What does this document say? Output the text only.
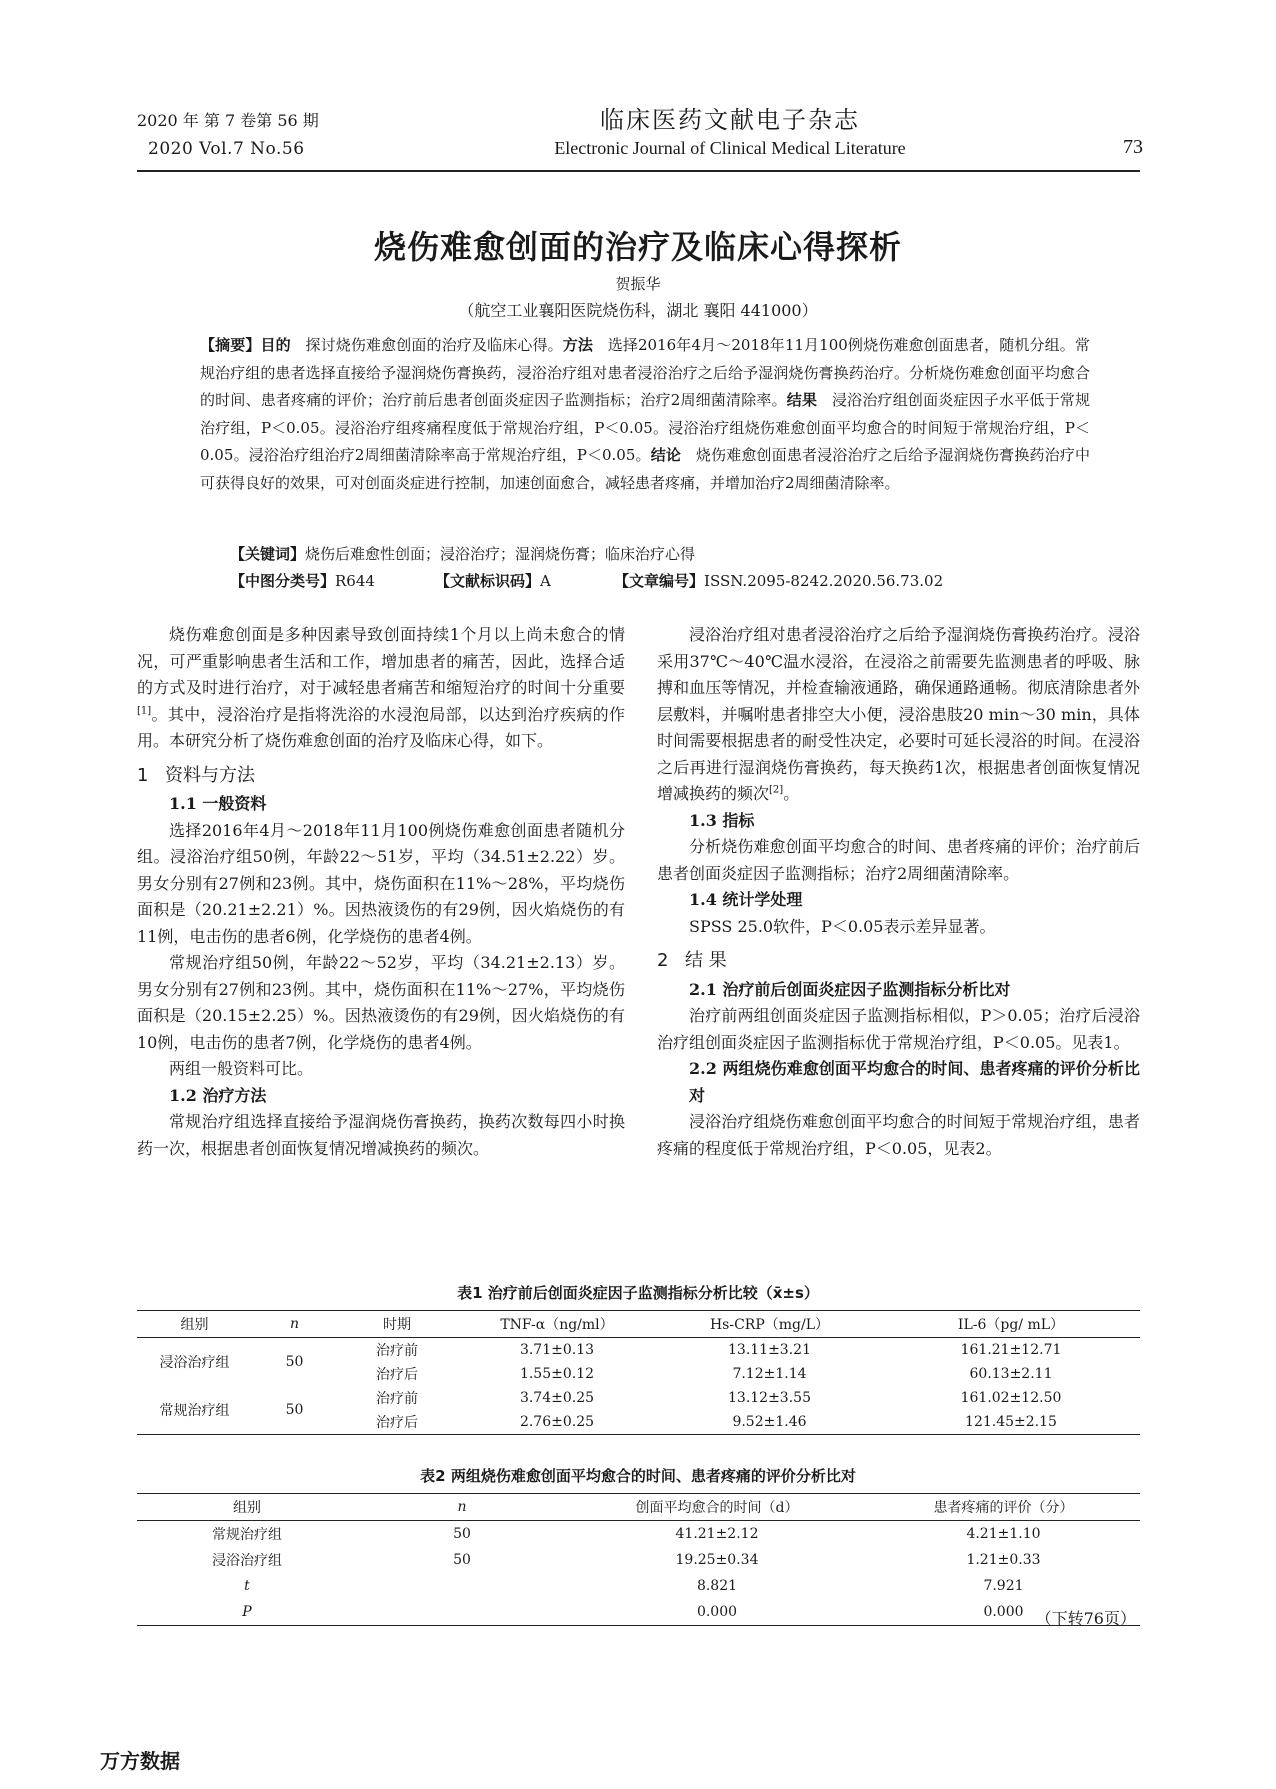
2020 年 第 7 卷第 56 期
2020 Vol.7 No.56
临床医药文献电子杂志
Electronic Journal of Clinical Medical Literature	73
烧伤难愈创面的治疗及临床心得探析
贺振华
（航空工业襄阳医院烧伤科，湖北 襄阳 441000）
【摘要】目的 探讨烧伤难愈创面的治疗及临床心得。方法 选择2016年4月～2018年11月100例烧伤难愈创面患者，随机分组。常规治疗组的患者选择直接给予湿润烧伤膏换药，浸浴治疗组对患者浸浴治疗之后给予湿润烧伤膏换药治疗。分析烧伤难愈创面平均愈合的时间、患者疼痛的评价；治疗前后患者创面炎症因子监测指标；治疗2周细菌清除率。结果 浸浴治疗组创面炎症因子水平低于常规治疗组，P＜0.05。浸浴治疗组疼痛程度低于常规治疗组，P＜0.05。浸浴治疗组烧伤难愈创面平均愈合的时间短于常规治疗组，P＜0.05。浸浴治疗组治疗2周细菌清除率高于常规治疗组，P＜0.05。结论 烧伤难愈创面患者浸浴治疗之后给予湿润烧伤膏换药治疗中可获得良好的效果，可对创面炎症进行控制，加速创面愈合，减轻患者疼痛，并增加治疗2周细菌清除率。
【关键词】烧伤后难愈性创面；浸浴治疗；湿润烧伤膏；临床治疗心得
【中图分类号】R644	【文献标识码】A	【文章编号】ISSN.2095-8242.2020.56.73.02

烧伤难愈创面是多种因素导致创面持续1个月以上尚未愈合的情况，可严重影响患者生活和工作，增加患者的痛苦，因此，选择合适的方式及时进行治疗，对于减轻患者痛苦和缩短治疗的时间十分重要[1]。其中，浸浴治疗是指将洗浴的水浸泡局部，以达到治疗疾病的作用。本研究分析了烧伤难愈创面的治疗及临床心得，如下。

1 资料与方法
1.1 一般资料

选择2016年4月～2018年11月100例烧伤难愈创面患者随机分组。浸浴治疗组50例，年龄22～51岁，平均（34.51±2.22）岁。男女分别有27例和23例。其中，烧伤面积在11%～28%，平均烧伤面积是（20.21±2.21）%。因热液烫伤的有29例，因火焰烧伤的有11例，电击伤的患者6例，化学烧伤的患者4例。

常规治疗组50例，年龄22～52岁，平均（34.21±2.13）岁。男女分别有27例和23例。其中，烧伤面积在11%～27%，平均烧伤面积是（20.15±2.25）%。因热液烫伤的有29例，因火焰烧伤的有10例，电击伤的患者7例，化学烧伤的患者4例。

两组一般资料可比。

1.2 治疗方法

常规治疗组选择直接给予湿润烧伤膏换药，换药次数每四小时换药一次，根据患者创面恢复情况增减换药的频次。

浸浴治疗组对患者浸浴治疗之后给予湿润烧伤膏换药治疗。浸浴采用37℃～40℃温水浸浴，在浸浴之前需要先监测患者的呼吸、脉搏和血压等情况，并检查输液通路，确保通路通畅。彻底清除患者外层敷料，并嘱咐患者排空大小便，浸浴患肢20 min～30 min，具体时间需要根据患者的耐受性决定，必要时可延长浸浴的时间。在浸浴之后再进行湿润烧伤膏换药，每天换药1次，根据患者创面恢复情况增减换药的频次[2]。

1.3 指标

分析烧伤难愈创面平均愈合的时间、患者疼痛的评价；治疗前后患者创面炎症因子监测指标；治疗2周细菌清除率。

1.4 统计学处理

SPSS 25.0软件，P＜0.05表示差异显著。

2 结 果
2.1 治疗前后创面炎症因子监测指标分析比对

治疗前两组创面炎症因子监测指标相似，P＞0.05；治疗后浸浴治疗组创面炎症因子监测指标优于常规治疗组，P＜0.05。见表1。

2.2 两组烧伤难愈创面平均愈合的时间、患者疼痛的评价分析比对

浸浴治疗组烧伤难愈创面平均愈合的时间短于常规治疗组，患者疼痛的程度低于常规治疗组，P＜0.05，见表2。

表1 治疗前后创面炎症因子监测指标分析比较（x̄±s）
组别	n	时期	TNF-α（ng/ml）	Hs-CRP（mg/L）	IL-6（pg/ mL）
浸浴治疗组	50	治疗前	3.71±0.13	13.11±3.21	161.21±12.71
		治疗后	1.55±0.12	7.12±1.14	60.13±2.11
常规治疗组	50	治疗前	3.74±0.25	13.12±3.55	161.02±12.50
		治疗后	2.76±0.25	9.52±1.46	121.45±2.15
表2 两组烧伤难愈创面平均愈合的时间、患者疼痛的评价分析比对
组别	n	创面平均愈合的时间（d）	患者疼痛的评价（分）
常规治疗组	50	41.21±2.12	4.21±1.10
浸浴治疗组	50	19.25±0.34	1.21±0.33
t		8.821	7.921
P		0.000	0.000 （下转76页）
万方数据
